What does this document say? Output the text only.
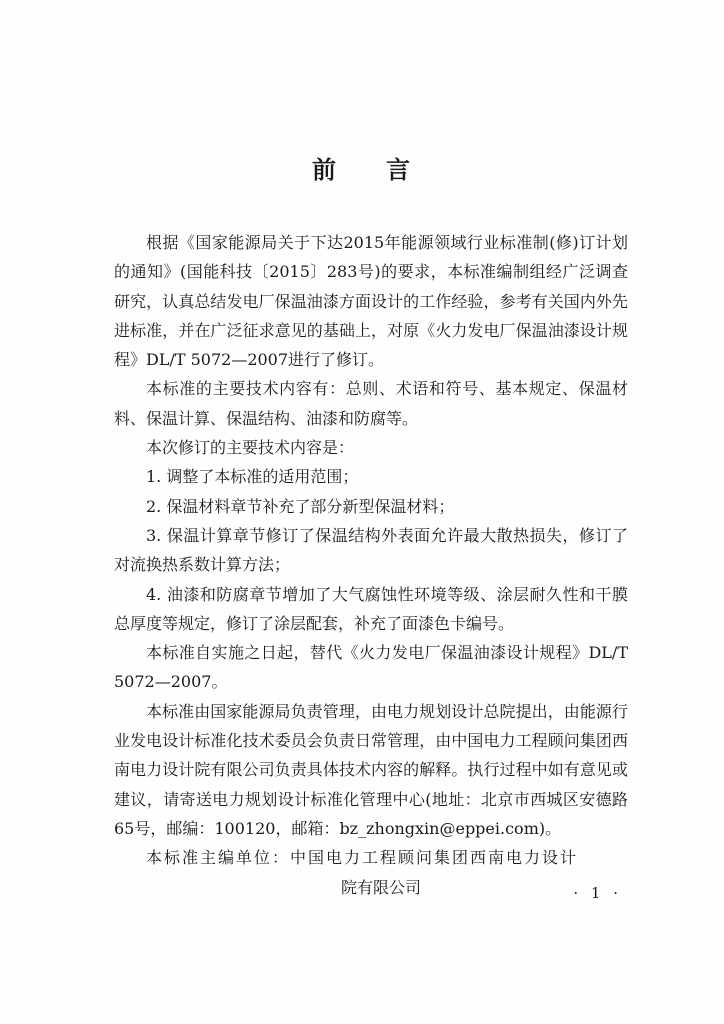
前 言

根据《国家能源局关于下达2015年能源领域行业标准制(修)订计划的通知》(国能科技〔2015〕283号)的要求，本标准编制组经广泛调查研究，认真总结发电厂保温油漆方面设计的工作经验，参考有关国内外先进标准，并在广泛征求意见的基础上，对原《火力发电厂保温油漆设计规程》DL/T 5072—2007进行了修订。

本标准的主要技术内容有：总则、术语和符号、基本规定、保温材料、保温计算、保温结构、油漆和防腐等。

本次修订的主要技术内容是：

1. 调整了本标准的适用范围；

2. 保温材料章节补充了部分新型保温材料；

3. 保温计算章节修订了保温结构外表面允许最大散热损失，修订了对流换热系数计算方法；

4. 油漆和防腐章节增加了大气腐蚀性环境等级、涂层耐久性和干膜总厚度等规定，修订了涂层配套，补充了面漆色卡编号。

本标准自实施之日起，替代《火力发电厂保温油漆设计规程》DL/T 5072—2007。

本标准由国家能源局负责管理，由电力规划设计总院提出，由能源行业发电设计标准化技术委员会负责日常管理，由中国电力工程顾问集团西南电力设计院有限公司负责具体技术内容的解释。执行过程中如有意见或建议，请寄送电力规划设计标准化管理中心(地址：北京市西城区安德路65号，邮编：100120，邮箱：bz_zhongxin@eppei.com)。

本标准主编单位：中国电力工程顾问集团西南电力设计

院有限公司	· 1 ·
